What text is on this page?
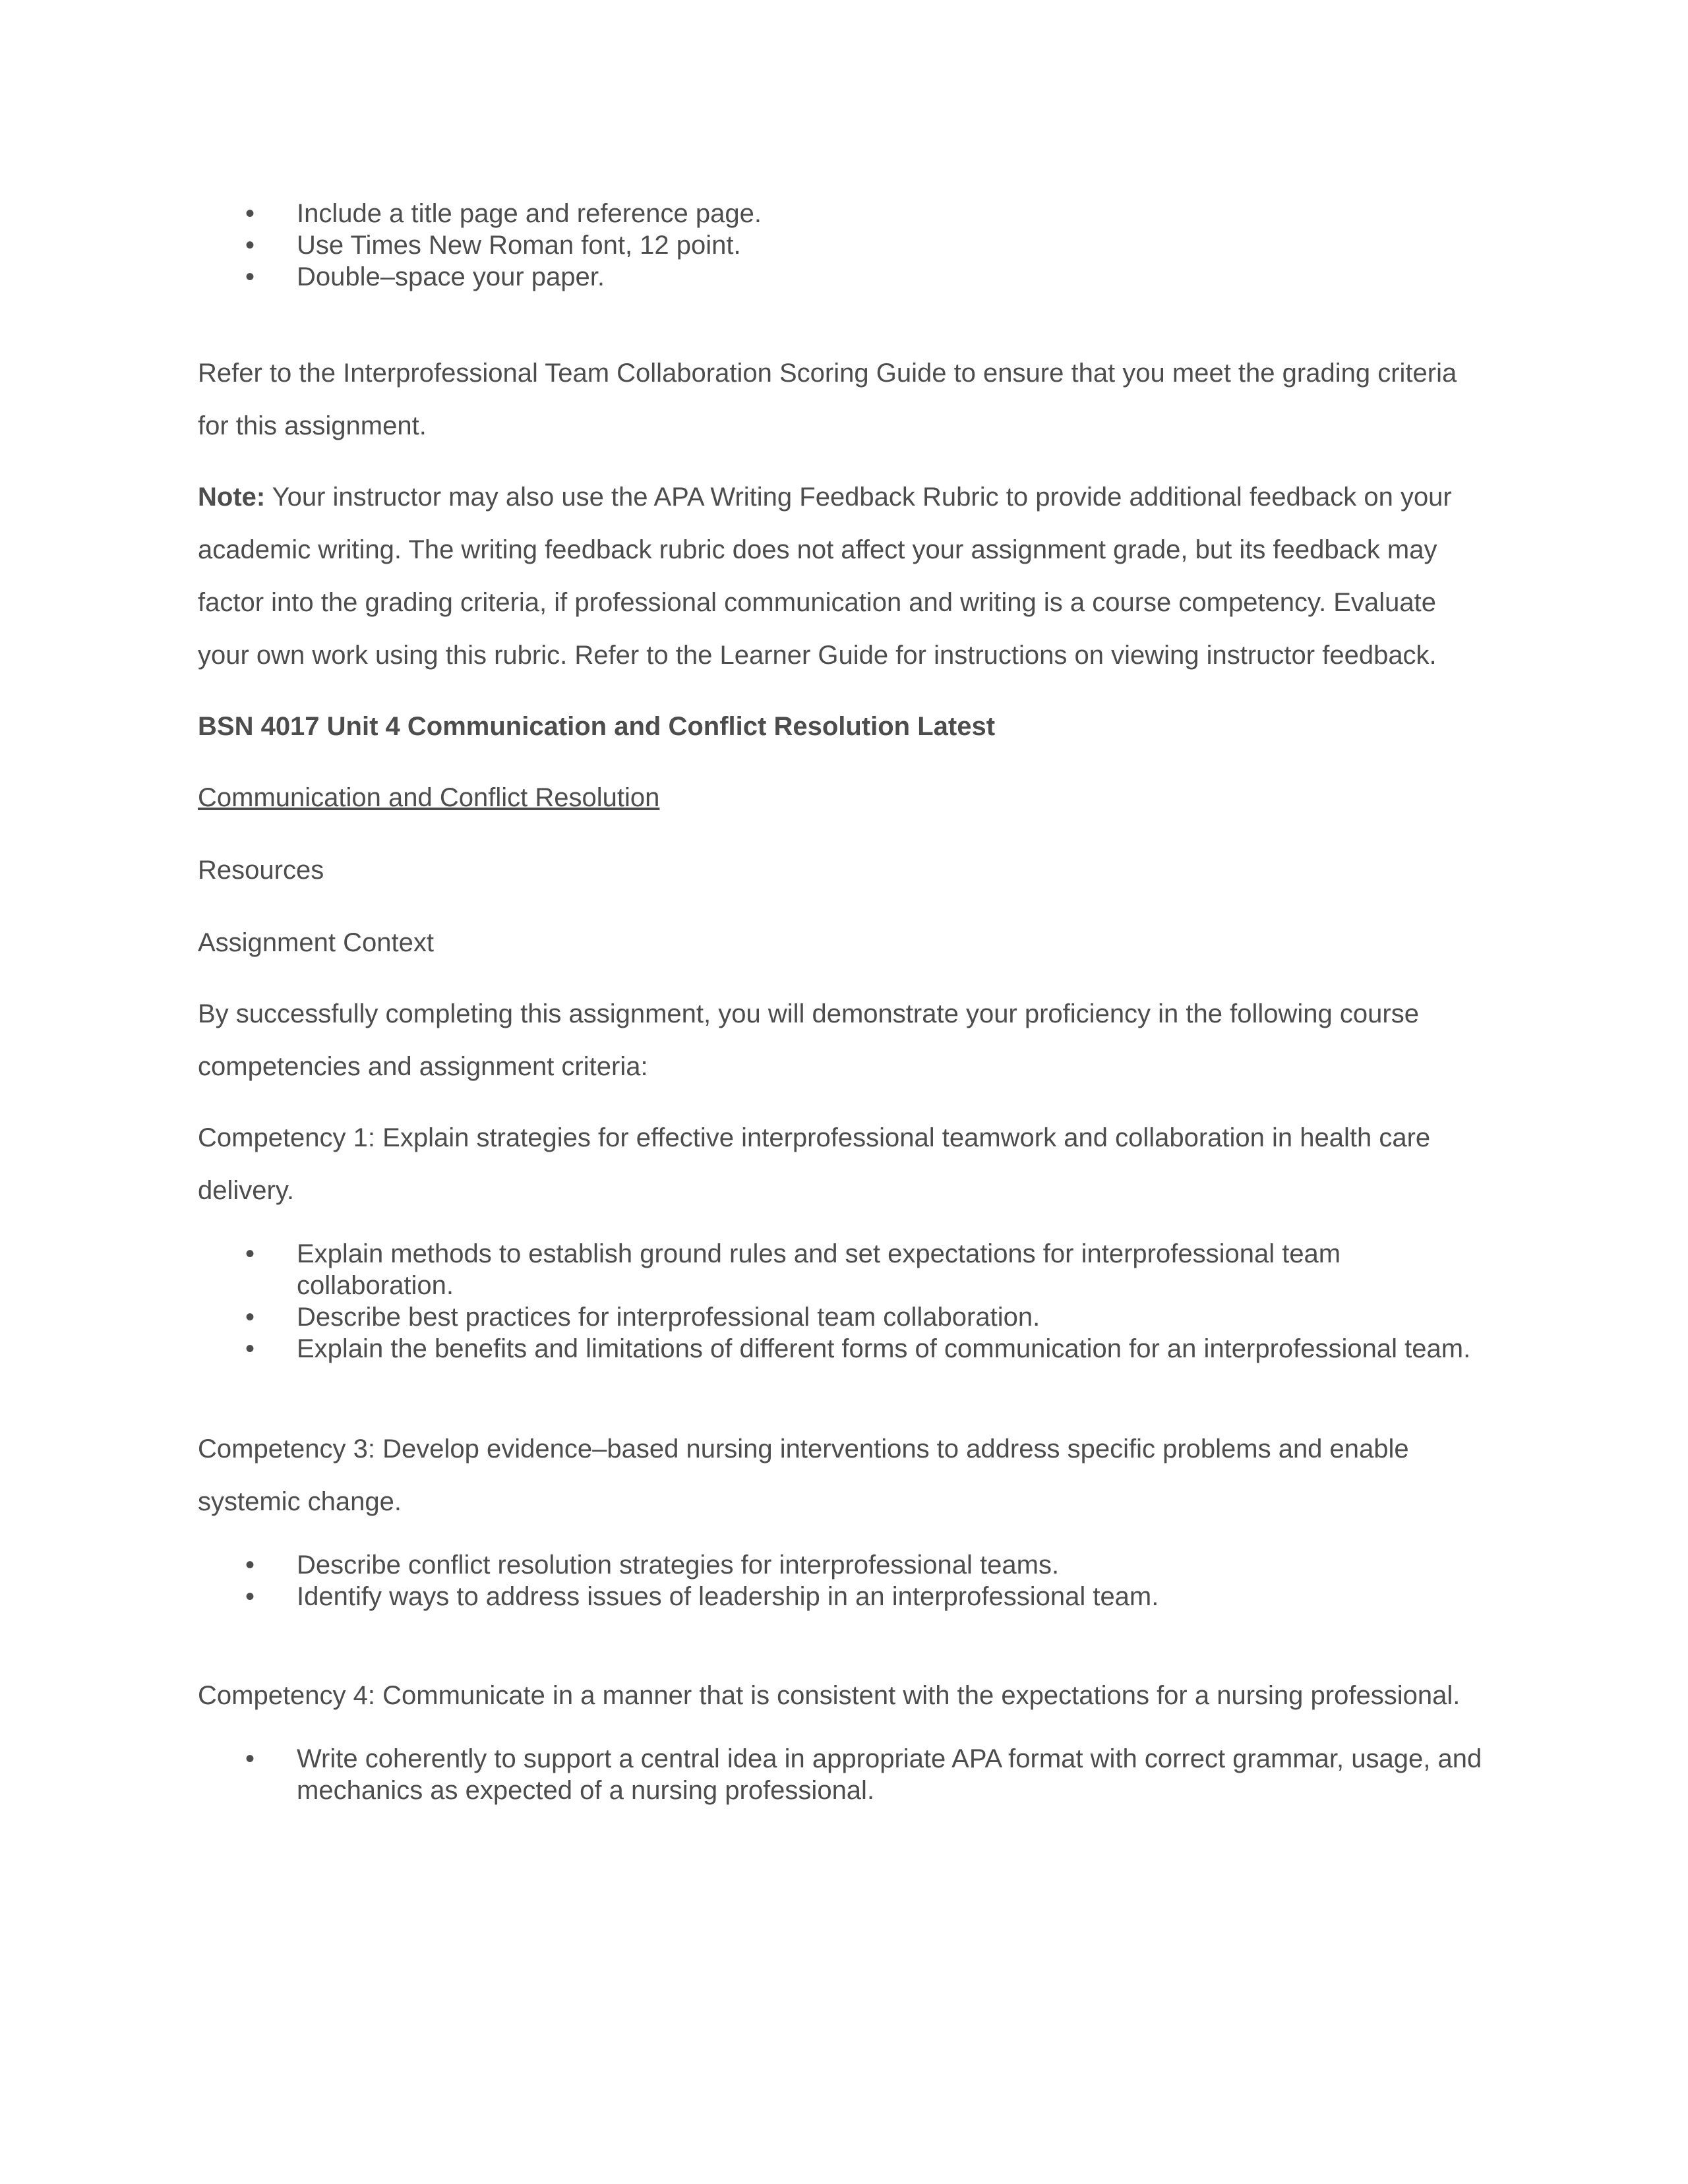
• Include a title page and reference page.
• Use Times New Roman font, 12 point.
• Double–space your paper.

Refer to the Interprofessional Team Collaboration Scoring Guide to ensure that you meet the grading criteria for this assignment.

Note: Your instructor may also use the APA Writing Feedback Rubric to provide additional feedback on your academic writing. The writing feedback rubric does not affect your assignment grade, but its feedback may factor into the grading criteria, if professional communication and writing is a course competency. Evaluate your own work using this rubric. Refer to the Learner Guide for instructions on viewing instructor feedback.

BSN 4017 Unit 4 Communication and Conflict Resolution Latest

Communication and Conflict Resolution

Resources

Assignment Context

By successfully completing this assignment, you will demonstrate your proficiency in the following course competencies and assignment criteria:

Competency 1: Explain strategies for effective interprofessional teamwork and collaboration in health care delivery.

• Explain methods to establish ground rules and set expectations for interprofessional team collaboration.
• Describe best practices for interprofessional team collaboration.
• Explain the benefits and limitations of different forms of communication for an interprofessional team.

Competency 3: Develop evidence–based nursing interventions to address specific problems and enable systemic change.

• Describe conflict resolution strategies for interprofessional teams.
• Identify ways to address issues of leadership in an interprofessional team.

Competency 4: Communicate in a manner that is consistent with the expectations for a nursing professional.

• Write coherently to support a central idea in appropriate APA format with correct grammar, usage, and mechanics as expected of a nursing professional.
